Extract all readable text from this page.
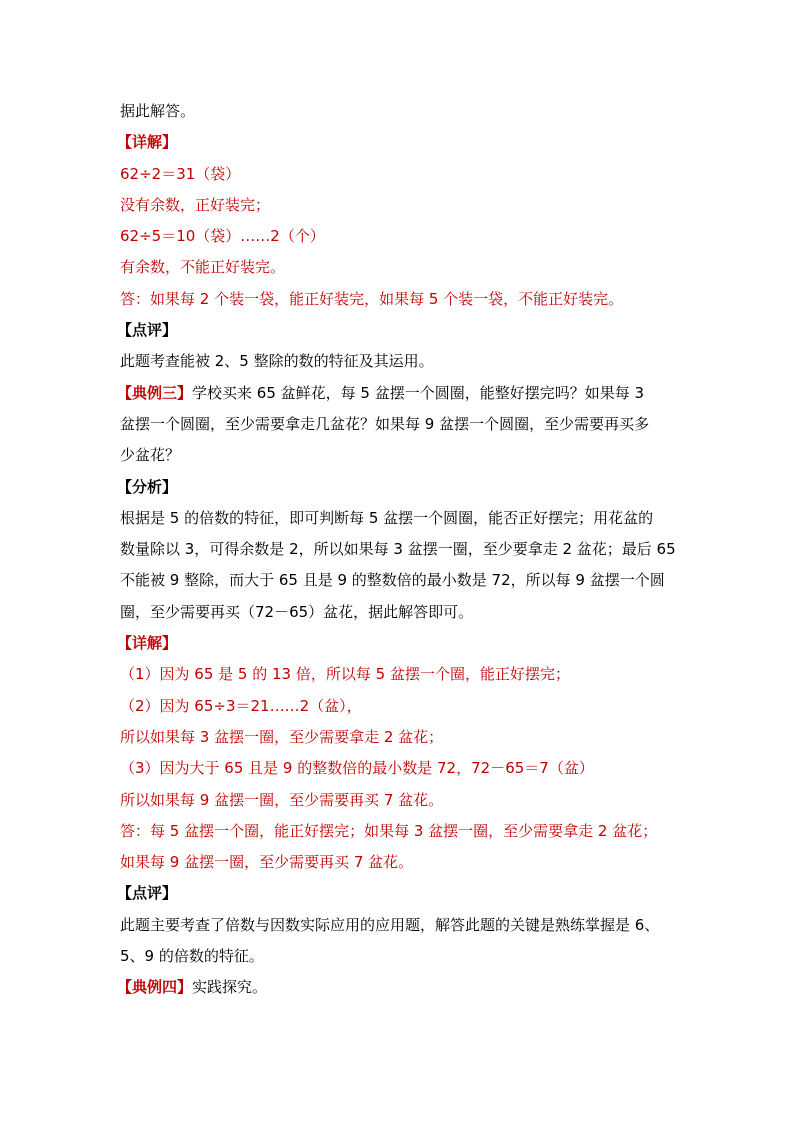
据此解答。
【详解】
62÷2＝31（袋）
没有余数，正好装完；
62÷5＝10（袋）……2（个）
有余数，不能正好装完。
答：如果每 2 个装一袋，能正好装完，如果每 5 个装一袋，不能正好装完。
【点评】
此题考查能被 2、5 整除的数的特征及其运用。
【典例三】学校买来 65 盆鲜花，每 5 盆摆一个圆圈，能整好摆完吗？如果每 3
盆摆一个圆圈，至少需要拿走几盆花？如果每 9 盆摆一个圆圈，至少需要再买多
少盆花？
【分析】
根据是 5 的倍数的特征，即可判断每 5 盆摆一个圆圈，能否正好摆完；用花盆的
数量除以 3，可得余数是 2，所以如果每 3 盆摆一圈，至少要拿走 2 盆花；最后 65
不能被 9 整除，而大于 65 且是 9 的整数倍的最小数是 72，所以每 9 盆摆一个圆
圈，至少需要再买（72－65）盆花，据此解答即可。
【详解】
（1）因为 65 是 5 的 13 倍，所以每 5 盆摆一个圈，能正好摆完；
（2）因为 65÷3＝21……2（盆），
所以如果每 3 盆摆一圈，至少需要拿走 2 盆花；
（3）因为大于 65 且是 9 的整数倍的最小数是 72，72－65＝7（盆）
所以如果每 9 盆摆一圈，至少需要再买 7 盆花。
答：每 5 盆摆一个圈，能正好摆完；如果每 3 盆摆一圈，至少需要拿走 2 盆花；
如果每 9 盆摆一圈，至少需要再买 7 盆花。
【点评】
此题主要考查了倍数与因数实际应用的应用题，解答此题的关键是熟练掌握是 6、
5、9 的倍数的特征。
【典例四】实践探究。
